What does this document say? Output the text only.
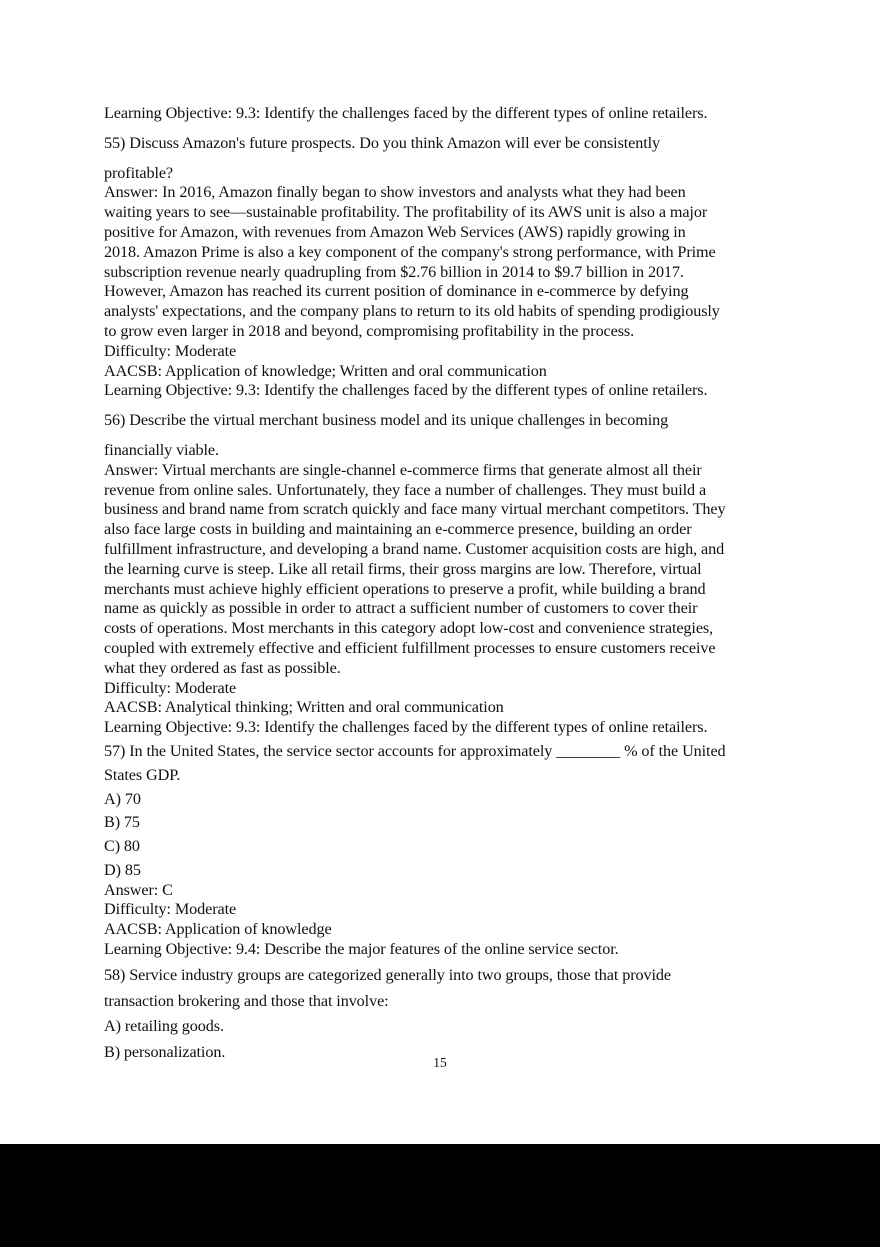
Learning Objective: 9.3: Identify the challenges faced by the different types of online retailers.
55) Discuss Amazon's future prospects. Do you think Amazon will ever be consistently
profitable?
Answer: In 2016, Amazon finally began to show investors and analysts what they had been
waiting years to see—sustainable profitability. The profitability of its AWS unit is also a major
positive for Amazon, with revenues from Amazon Web Services (AWS) rapidly growing in
2018. Amazon Prime is also a key component of the company's strong performance, with Prime
subscription revenue nearly quadrupling from $2.76 billion in 2014 to $9.7 billion in 2017.
However, Amazon has reached its current position of dominance in e-commerce by defying
analysts' expectations, and the company plans to return to its old habits of spending prodigiously
to grow even larger in 2018 and beyond, compromising profitability in the process.
Difficulty: Moderate
AACSB: Application of knowledge; Written and oral communication
Learning Objective: 9.3: Identify the challenges faced by the different types of online retailers.
56) Describe the virtual merchant business model and its unique challenges in becoming
financially viable.
Answer: Virtual merchants are single-channel e-commerce firms that generate almost all their
revenue from online sales. Unfortunately, they face a number of challenges. They must build a
business and brand name from scratch quickly and face many virtual merchant competitors. They
also face large costs in building and maintaining an e-commerce presence, building an order
fulfillment infrastructure, and developing a brand name. Customer acquisition costs are high, and
the learning curve is steep. Like all retail firms, their gross margins are low. Therefore, virtual
merchants must achieve highly efficient operations to preserve a profit, while building a brand
name as quickly as possible in order to attract a sufficient number of customers to cover their
costs of operations. Most merchants in this category adopt low-cost and convenience strategies,
coupled with extremely effective and efficient fulfillment processes to ensure customers receive
what they ordered as fast as possible.
Difficulty: Moderate
AACSB: Analytical thinking; Written and oral communication
Learning Objective: 9.3: Identify the challenges faced by the different types of online retailers.
57) In the United States, the service sector accounts for approximately ________ % of the United
States GDP.
A) 70
B) 75
C) 80
D) 85
Answer: C
Difficulty: Moderate
AACSB: Application of knowledge
Learning Objective: 9.4: Describe the major features of the online service sector.
58) Service industry groups are categorized generally into two groups, those that provide
transaction brokering and those that involve:
A) retailing goods.
B) personalization.
15
